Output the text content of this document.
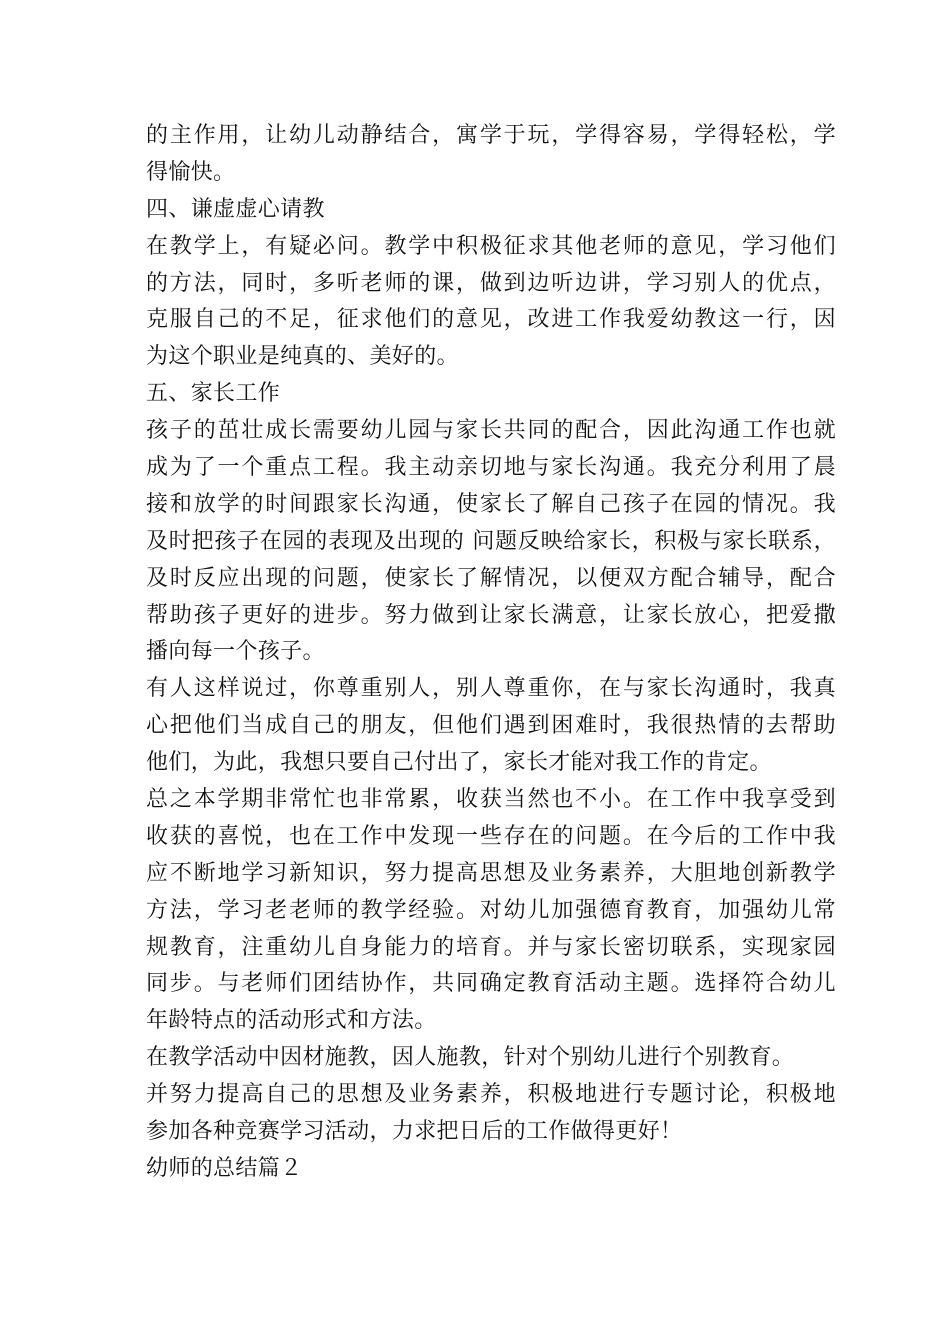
的主作用，让幼儿动静结合，寓学于玩，学得容易，学得轻松，学
得愉快。
四、谦虚虚心请教
在教学上，有疑必问。教学中积极征求其他老师的意见，学习他们
的方法，同时，多听老师的课，做到边听边讲，学习别人的优点，
克服自己的不足，征求他们的意见，改进工作我爱幼教这一行，因
为这个职业是纯真的、美好的。
五、家长工作
孩子的茁壮成长需要幼儿园与家长共同的配合，因此沟通工作也就
成为了一个重点工程。我主动亲切地与家长沟通。我充分利用了晨
接和放学的时间跟家长沟通，使家长了解自己孩子在园的情况。我
及时把孩子在园的表现及出现的 问题反映给家长，积极与家长联系，
及时反应出现的问题，使家长了解情况，以便双方配合辅导，配合
帮助孩子更好的进步。努力做到让家长满意，让家长放心，把爱撒
播向每一个孩子。
有人这样说过，你尊重别人，别人尊重你，在与家长沟通时，我真
心把他们当成自己的朋友，但他们遇到困难时，我很热情的去帮助
他们，为此，我想只要自己付出了，家长才能对我工作的肯定。
总之本学期非常忙也非常累，收获当然也不小。在工作中我享受到
收获的喜悦，也在工作中发现一些存在的问题。在今后的工作中我
应不断地学习新知识，努力提高思想及业务素养，大胆地创新教学
方法，学习老老师的教学经验。对幼儿加强德育教育，加强幼儿常
规教育，注重幼儿自身能力的培育。并与家长密切联系，实现家园
同步。与老师们团结协作，共同确定教育活动主题。选择符合幼儿
年龄特点的活动形式和方法。
在教学活动中因材施教，因人施教，针对个别幼儿进行个别教育。
并努力提高自己的思想及业务素养，积极地进行专题讨论，积极地
参加各种竞赛学习活动，力求把日后的工作做得更好！
幼师的总结篇２
